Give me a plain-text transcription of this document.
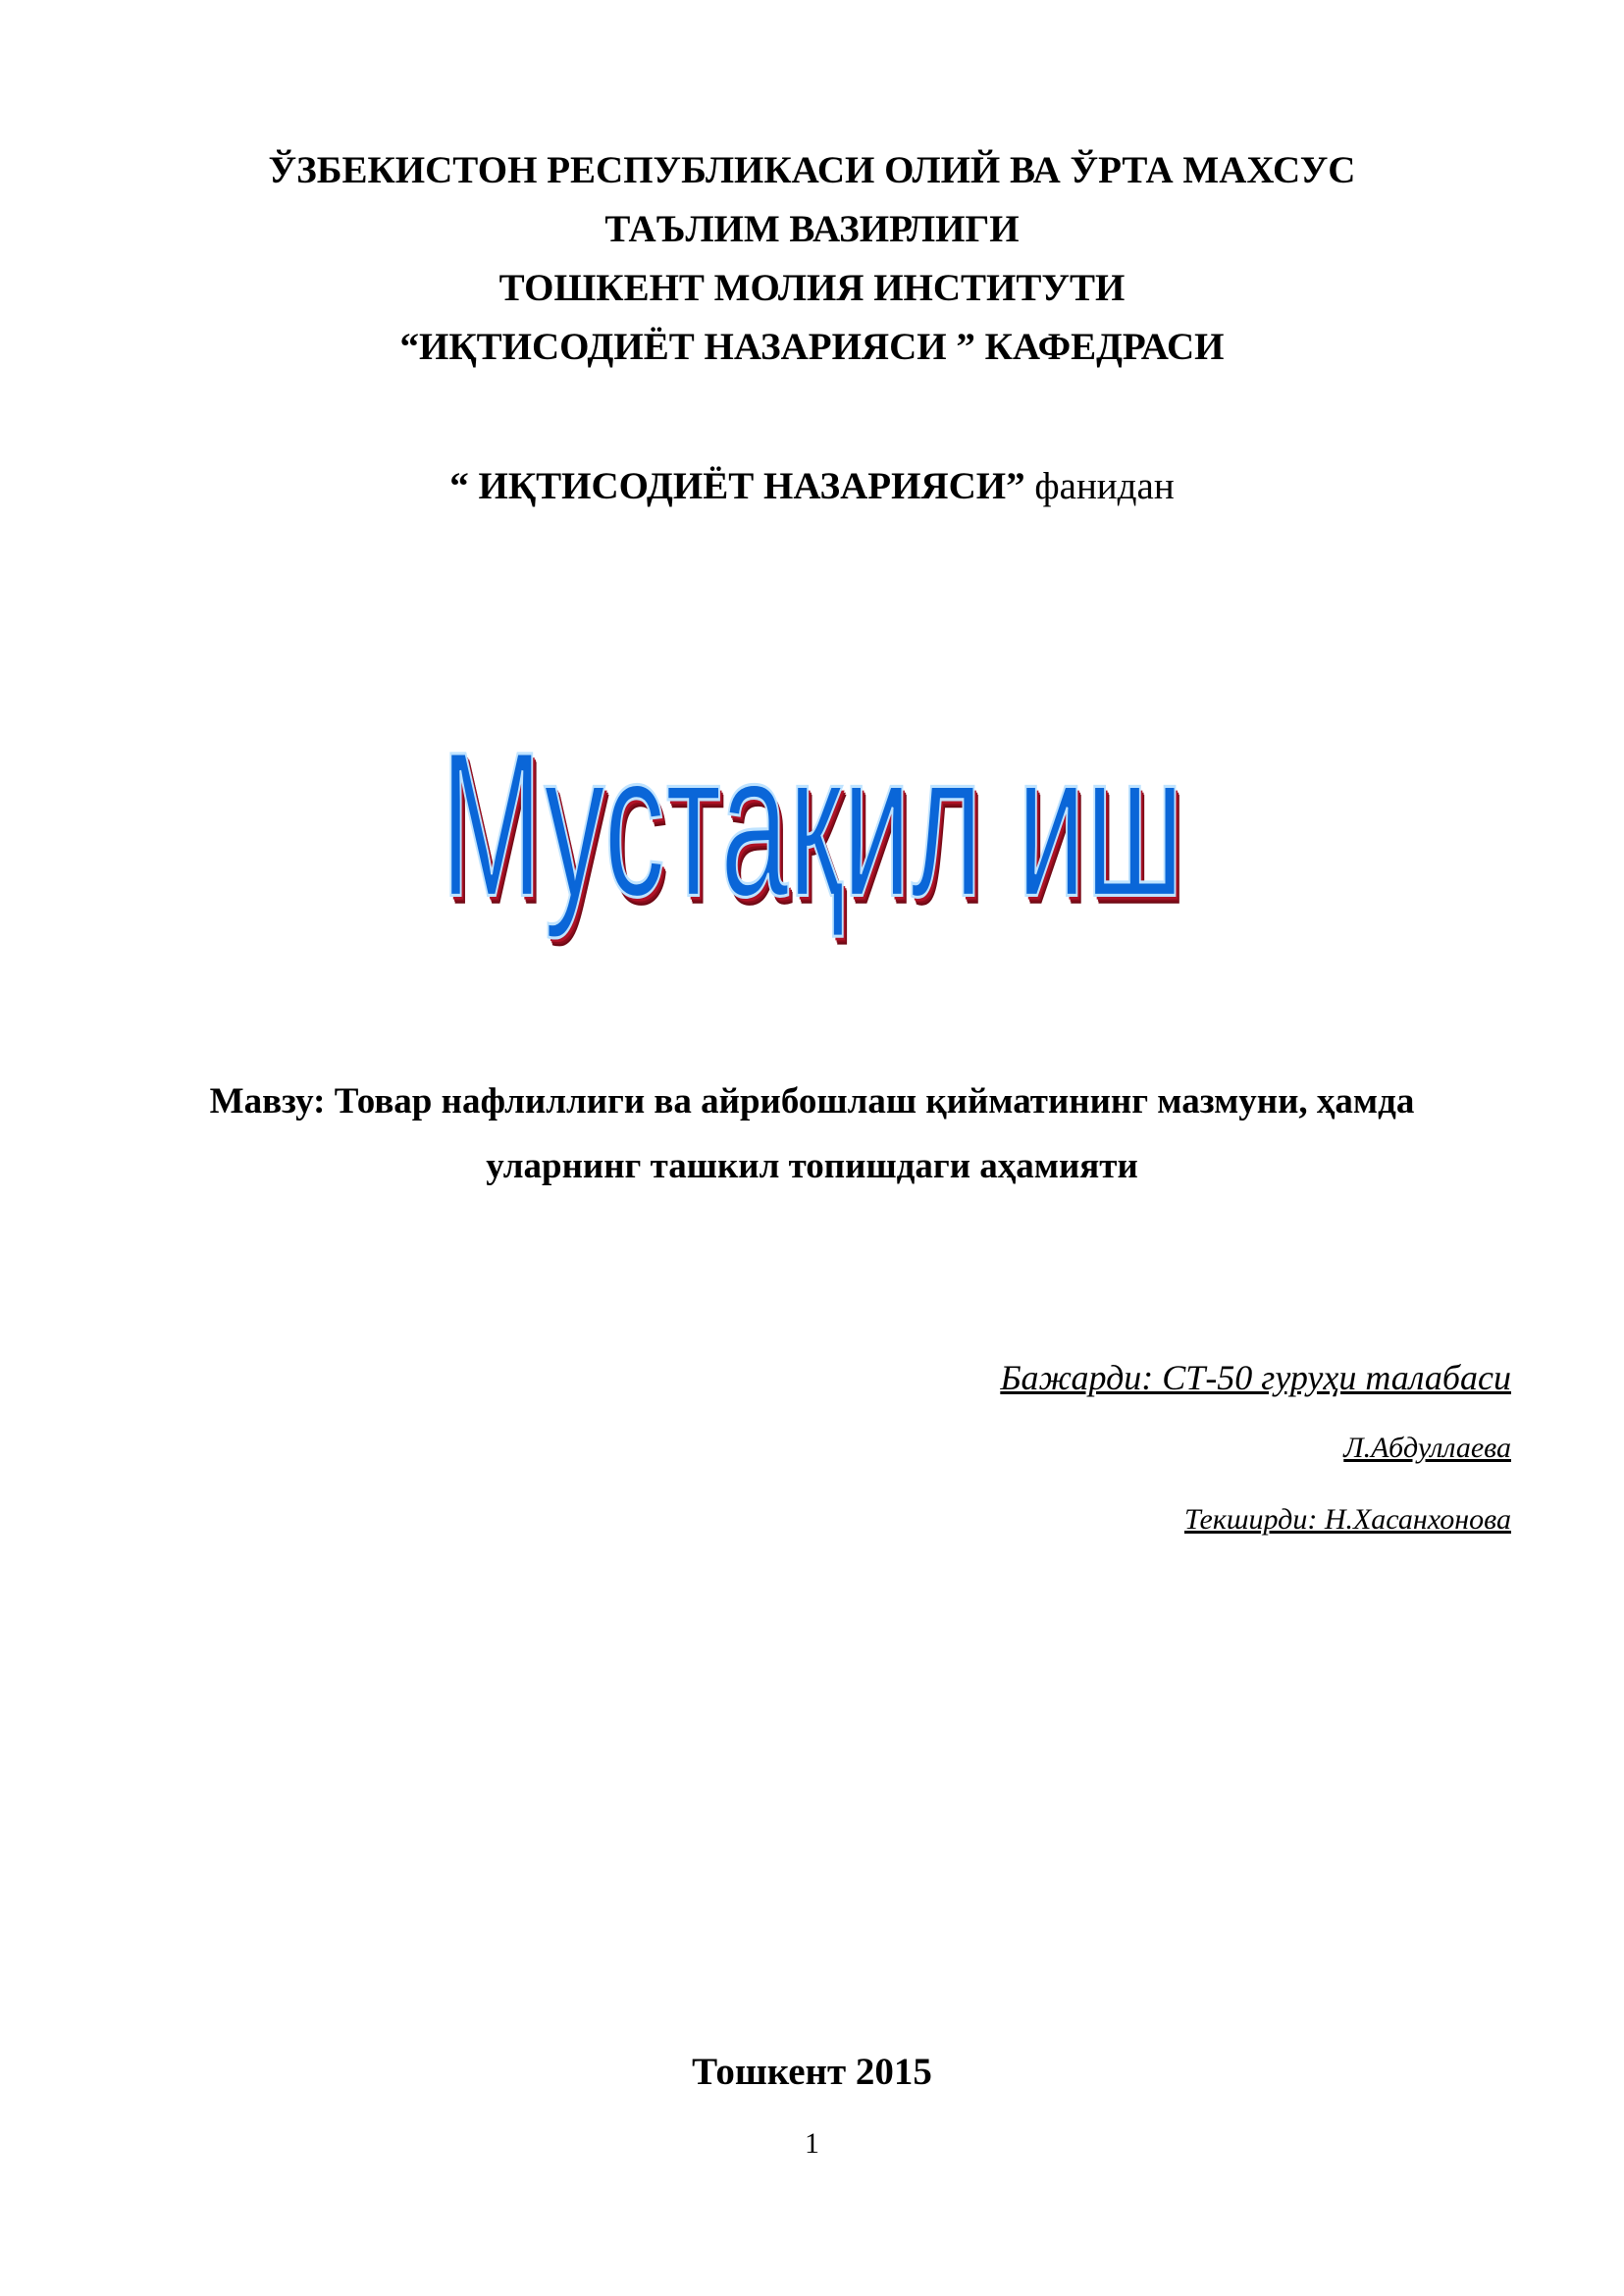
ЎЗБЕКИСТОН РЕСПУБЛИКАСИ ОЛИЙ ВА ЎРТА МАХСУС
ТАЪЛИМ ВАЗИРЛИГИ
ТОШКЕНТ МОЛИЯ ИНСТИТУТИ
“ИҚТИСОДИЁТ НАЗАРИЯСИ ” КАФЕДРАСИ
“ ИҚТИСОДИЁТ НАЗАРИЯСИ” фанидан
Мустақил иш
Мавзу: Товар нафлиллиги ва айрибошлаш қийматининг мазмуни, ҳамда
уларнинг ташкил топишдаги аҳамияти
Бажарди: СТ-50 гуруҳи талабаси
Л.Абдуллаева
Текширди: Н.Хасанхонова
Тошкент 2015
1
